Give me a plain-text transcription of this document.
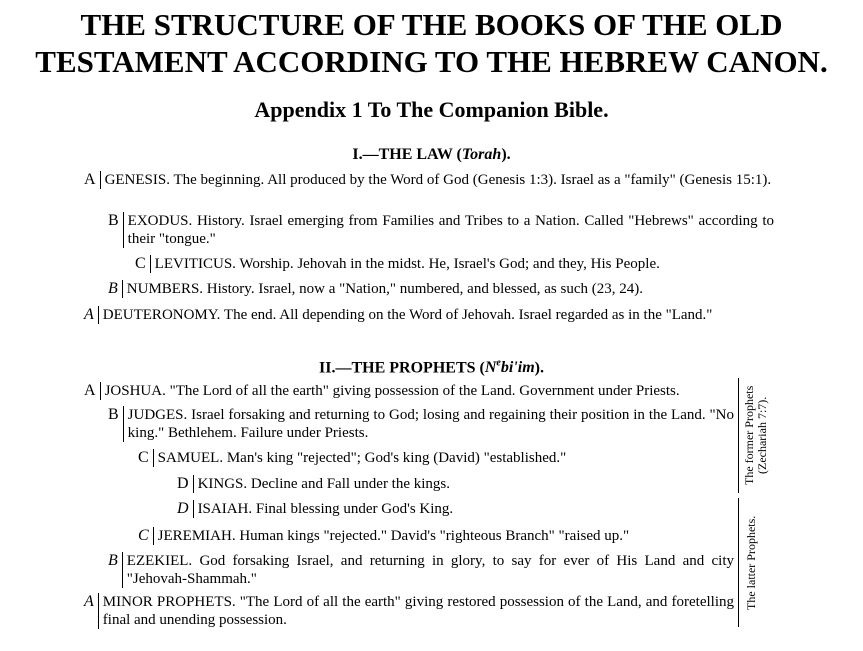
THE STRUCTURE OF THE BOOKS OF THE OLD
TESTAMENT ACCORDING TO THE HEBREW CANON.
Appendix 1 To The Companion Bible.
I.—THE LAW (Torah).
A GENESIS. The beginning. All produced by the Word of God (Genesis 1:3). Israel as a "family" (Genesis 15:1).
B EXODUS. History. Israel emerging from Families and Tribes to a Nation. Called "Hebrews" according to their "tongue."
C LEVITICUS. Worship. Jehovah in the midst. He, Israel's God; and they, His People.
B NUMBERS. History. Israel, now a "Nation," numbered, and blessed, as such (23, 24).
A DEUTERONOMY. The end. All depending on the Word of Jehovah. Israel regarded as in the "Land."
II.—THE PROPHETS $(N^ebi'im)$.
A JOSHUA. "The Lord of all the earth" giving possession of the Land. Government under Priests.
B JUDGES. Israel forsaking and returning to God; losing and regaining their position in the Land. "No king." Bethlehem. Failure under Priests.
C SAMUEL. Man's king "rejected"; God's king (David) "established."
D KINGS. Decline and Fall under the kings.
D ISAIAH. Final blessing under God's King.
C JEREMIAH. Human kings "rejected." David's "righteous Branch" "raised up."
B EZEKIEL. God forsaking Israel, and returning in glory, to say for ever of His Land and city "Jehovah-Shammah."
A MINOR PROPHETS. "The Lord of all the earth" giving restored possession of the Land, and foretelling final and unending possession.
The former Prophets
(Zechariah 7:7).
The latter Prophets.
